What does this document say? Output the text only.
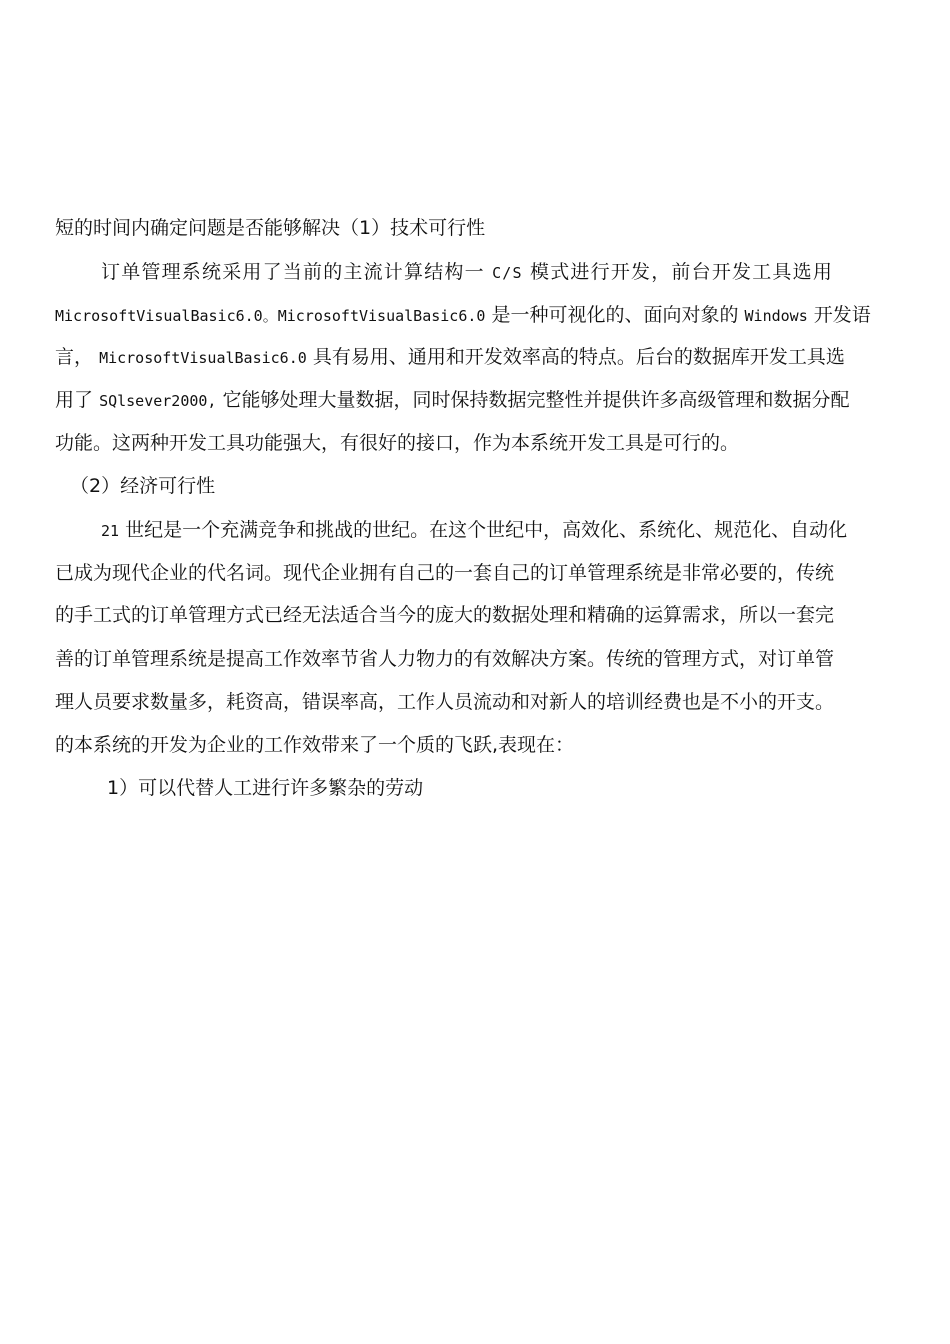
短的时间内确定问题是否能够解决（1）技术可行性
订单管理系统采用了当前的主流计算结构一 C/S 模式进行开发，前台开发工具选用
MicrosoftVisualBasic6.0。MicrosoftVisualBasic6.0 是一种可视化的、面向对象的 Windows 开发语
言， MicrosoftVisualBasic6.0 具有易用、通用和开发效率高的特点。后台的数据库开发工具选
用了 SQlsever2000, 它能够处理大量数据，同时保持数据完整性并提供许多高级管理和数据分配
功能。这两种开发工具功能强大，有很好的接口，作为本系统开发工具是可行的。
（2）经济可行性
21 世纪是一个充满竞争和挑战的世纪。在这个世纪中，高效化、系统化、规范化、自动化
已成为现代企业的代名词。现代企业拥有自己的一套自己的订单管理系统是非常必要的，传统
的手工式的订单管理方式已经无法适合当今的庞大的数据处理和精确的运算需求，所以一套完
善的订单管理系统是提高工作效率节省人力物力的有效解决方案。传统的管理方式，对订单管
理人员要求数量多，耗资高，错误率高，工作人员流动和对新人的培训经费也是不小的开支。
的本系统的开发为企业的工作效带来了一个质的飞跃,表现在：
1）可以代替人工进行许多繁杂的劳动
